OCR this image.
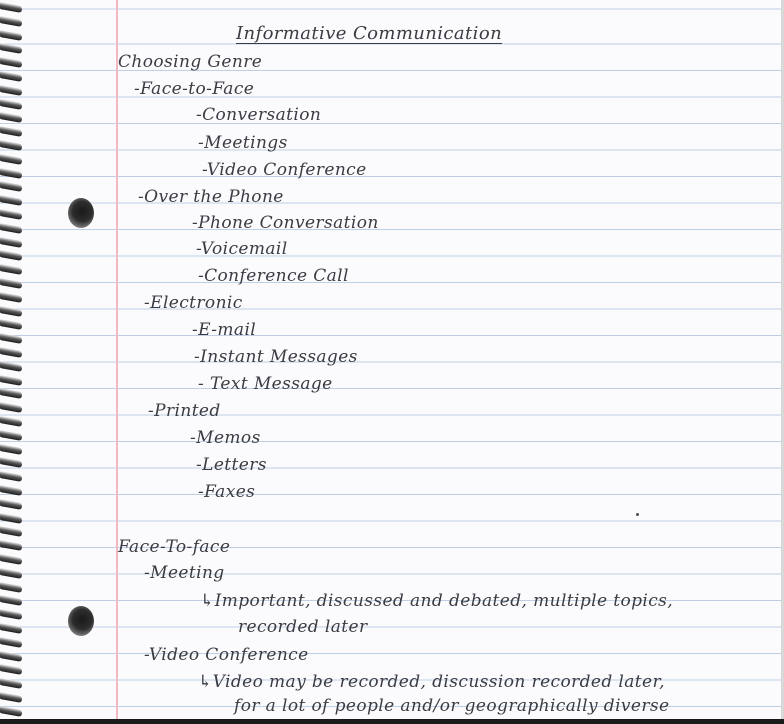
Informative Communication
Choosing Genre
-Face-to-Face
-Conversation
-Meetings
-Video Conference
-Over the Phone
-Phone Conversation
-Voicemail
-Conference Call
-Electronic
-E-mail
-Instant Messages
- Text Message
-Printed
-Memos
-Letters
-Faxes
Face-To-face
-Meeting
↳Important, discussed and debated, multiple topics,
recorded later
-Video Conference
↳Video may be recorded, discussion recorded later,
for a lot of people and/or geographically diverse
